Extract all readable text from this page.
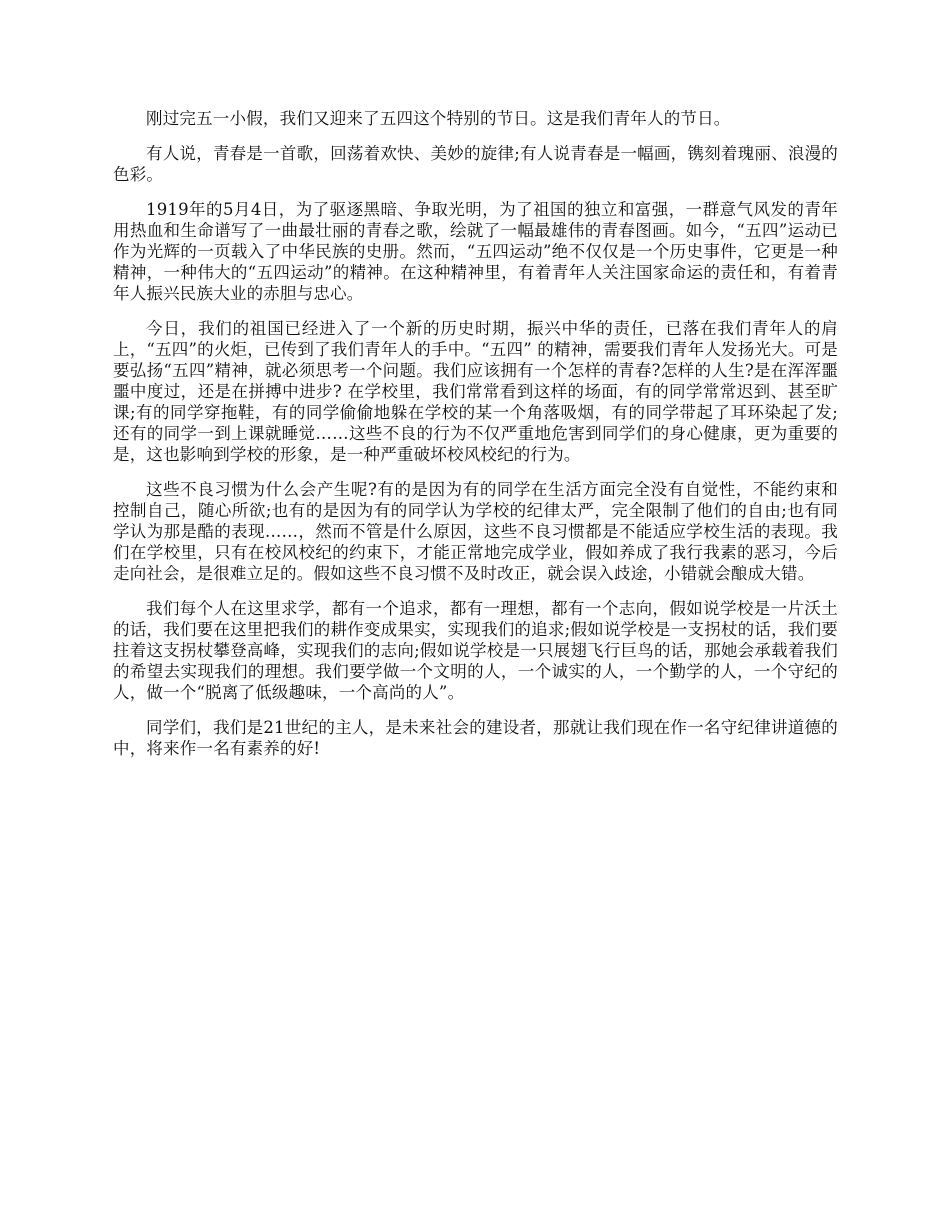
刚过完五一小假，我们又迎来了五四这个特别的节日。这是我们青年人的节日。

有人说，青春是一首歌，回荡着欢快、美妙的旋律;有人说青春是一幅画，镌刻着瑰丽、浪漫的色彩。

1919年的5月4日，为了驱逐黑暗、争取光明，为了祖国的独立和富强，一群意气风发的青年用热血和生命谱写了一曲最壮丽的青春之歌，绘就了一幅最雄伟的青春图画。如今，“五四”运动已作为光辉的一页载入了中华民族的史册。然而，“五四运动”绝不仅仅是一个历史事件，它更是一种精神，一种伟大的“五四运动”的精神。在这种精神里，有着青年人关注国家命运的责任和，有着青年人振兴民族大业的赤胆与忠心。

今日，我们的祖国已经进入了一个新的历史时期，振兴中华的责任，已落在我们青年人的肩上，“五四”的火炬，已传到了我们青年人的手中。“五四” 的精神，需要我们青年人发扬光大。可是要弘扬“五四”精神，就必须思考一个问题。我们应该拥有一个怎样的青春?怎样的人生?是在浑浑噩噩中度过，还是在拼搏中进步? 在学校里，我们常常看到这样的场面，有的同学常常迟到、甚至旷课;有的同学穿拖鞋，有的同学偷偷地躲在学校的某一个角落吸烟，有的同学带起了耳环染起了发;还有的同学一到上课就睡觉……这些不良的行为不仅严重地危害到同学们的身心健康，更为重要的是，这也影响到学校的形象，是一种严重破坏校风校纪的行为。

这些不良习惯为什么会产生呢?有的是因为有的同学在生活方面完全没有自觉性，不能约束和控制自己，随心所欲;也有的是因为有的同学认为学校的纪律太严，完全限制了他们的自由;也有同学认为那是酷的表现……，然而不管是什么原因，这些不良习惯都是不能适应学校生活的表现。我们在学校里，只有在校风校纪的约束下，才能正常地完成学业，假如养成了我行我素的恶习，今后走向社会，是很难立足的。假如这些不良习惯不及时改正，就会误入歧途，小错就会酿成大错。

我们每个人在这里求学，都有一个追求，都有一理想，都有一个志向，假如说学校是一片沃土的话，我们要在这里把我们的耕作变成果实，实现我们的追求;假如说学校是一支拐杖的话，我们要拄着这支拐杖攀登高峰，实现我们的志向;假如说学校是一只展翅飞行巨鸟的话，那她会承载着我们的希望去实现我们的理想。我们要学做一个文明的人，一个诚实的人，一个勤学的人，一个守纪的人，做一个“脱离了低级趣味，一个高尚的人”。

同学们，我们是21世纪的主人，是未来社会的建设者，那就让我们现在作一名守纪律讲道德的中，将来作一名有素养的好!
